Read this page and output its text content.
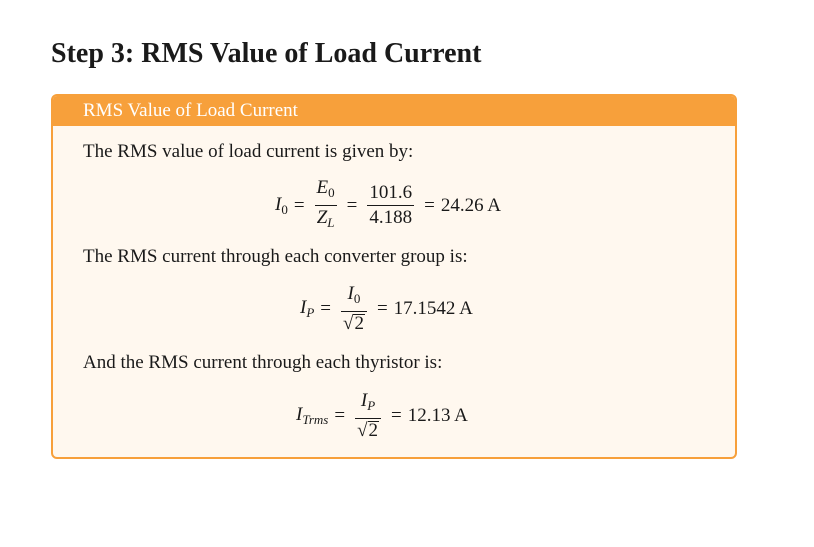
Step 3: RMS Value of Load Current
RMS Value of Load Current
The RMS value of load current is given by:
$I_0 = \frac{E_0}{Z_L} = \frac{101.6}{4.188} = 24.26$ A
The RMS current through each converter group is:
$I_P = \frac{I_0}{√ 2} = 17.1542$ A
And the RMS current through each thyristor is:
$I_{Trms} = \frac{I_P}{√ 2} = 12.13$ A
